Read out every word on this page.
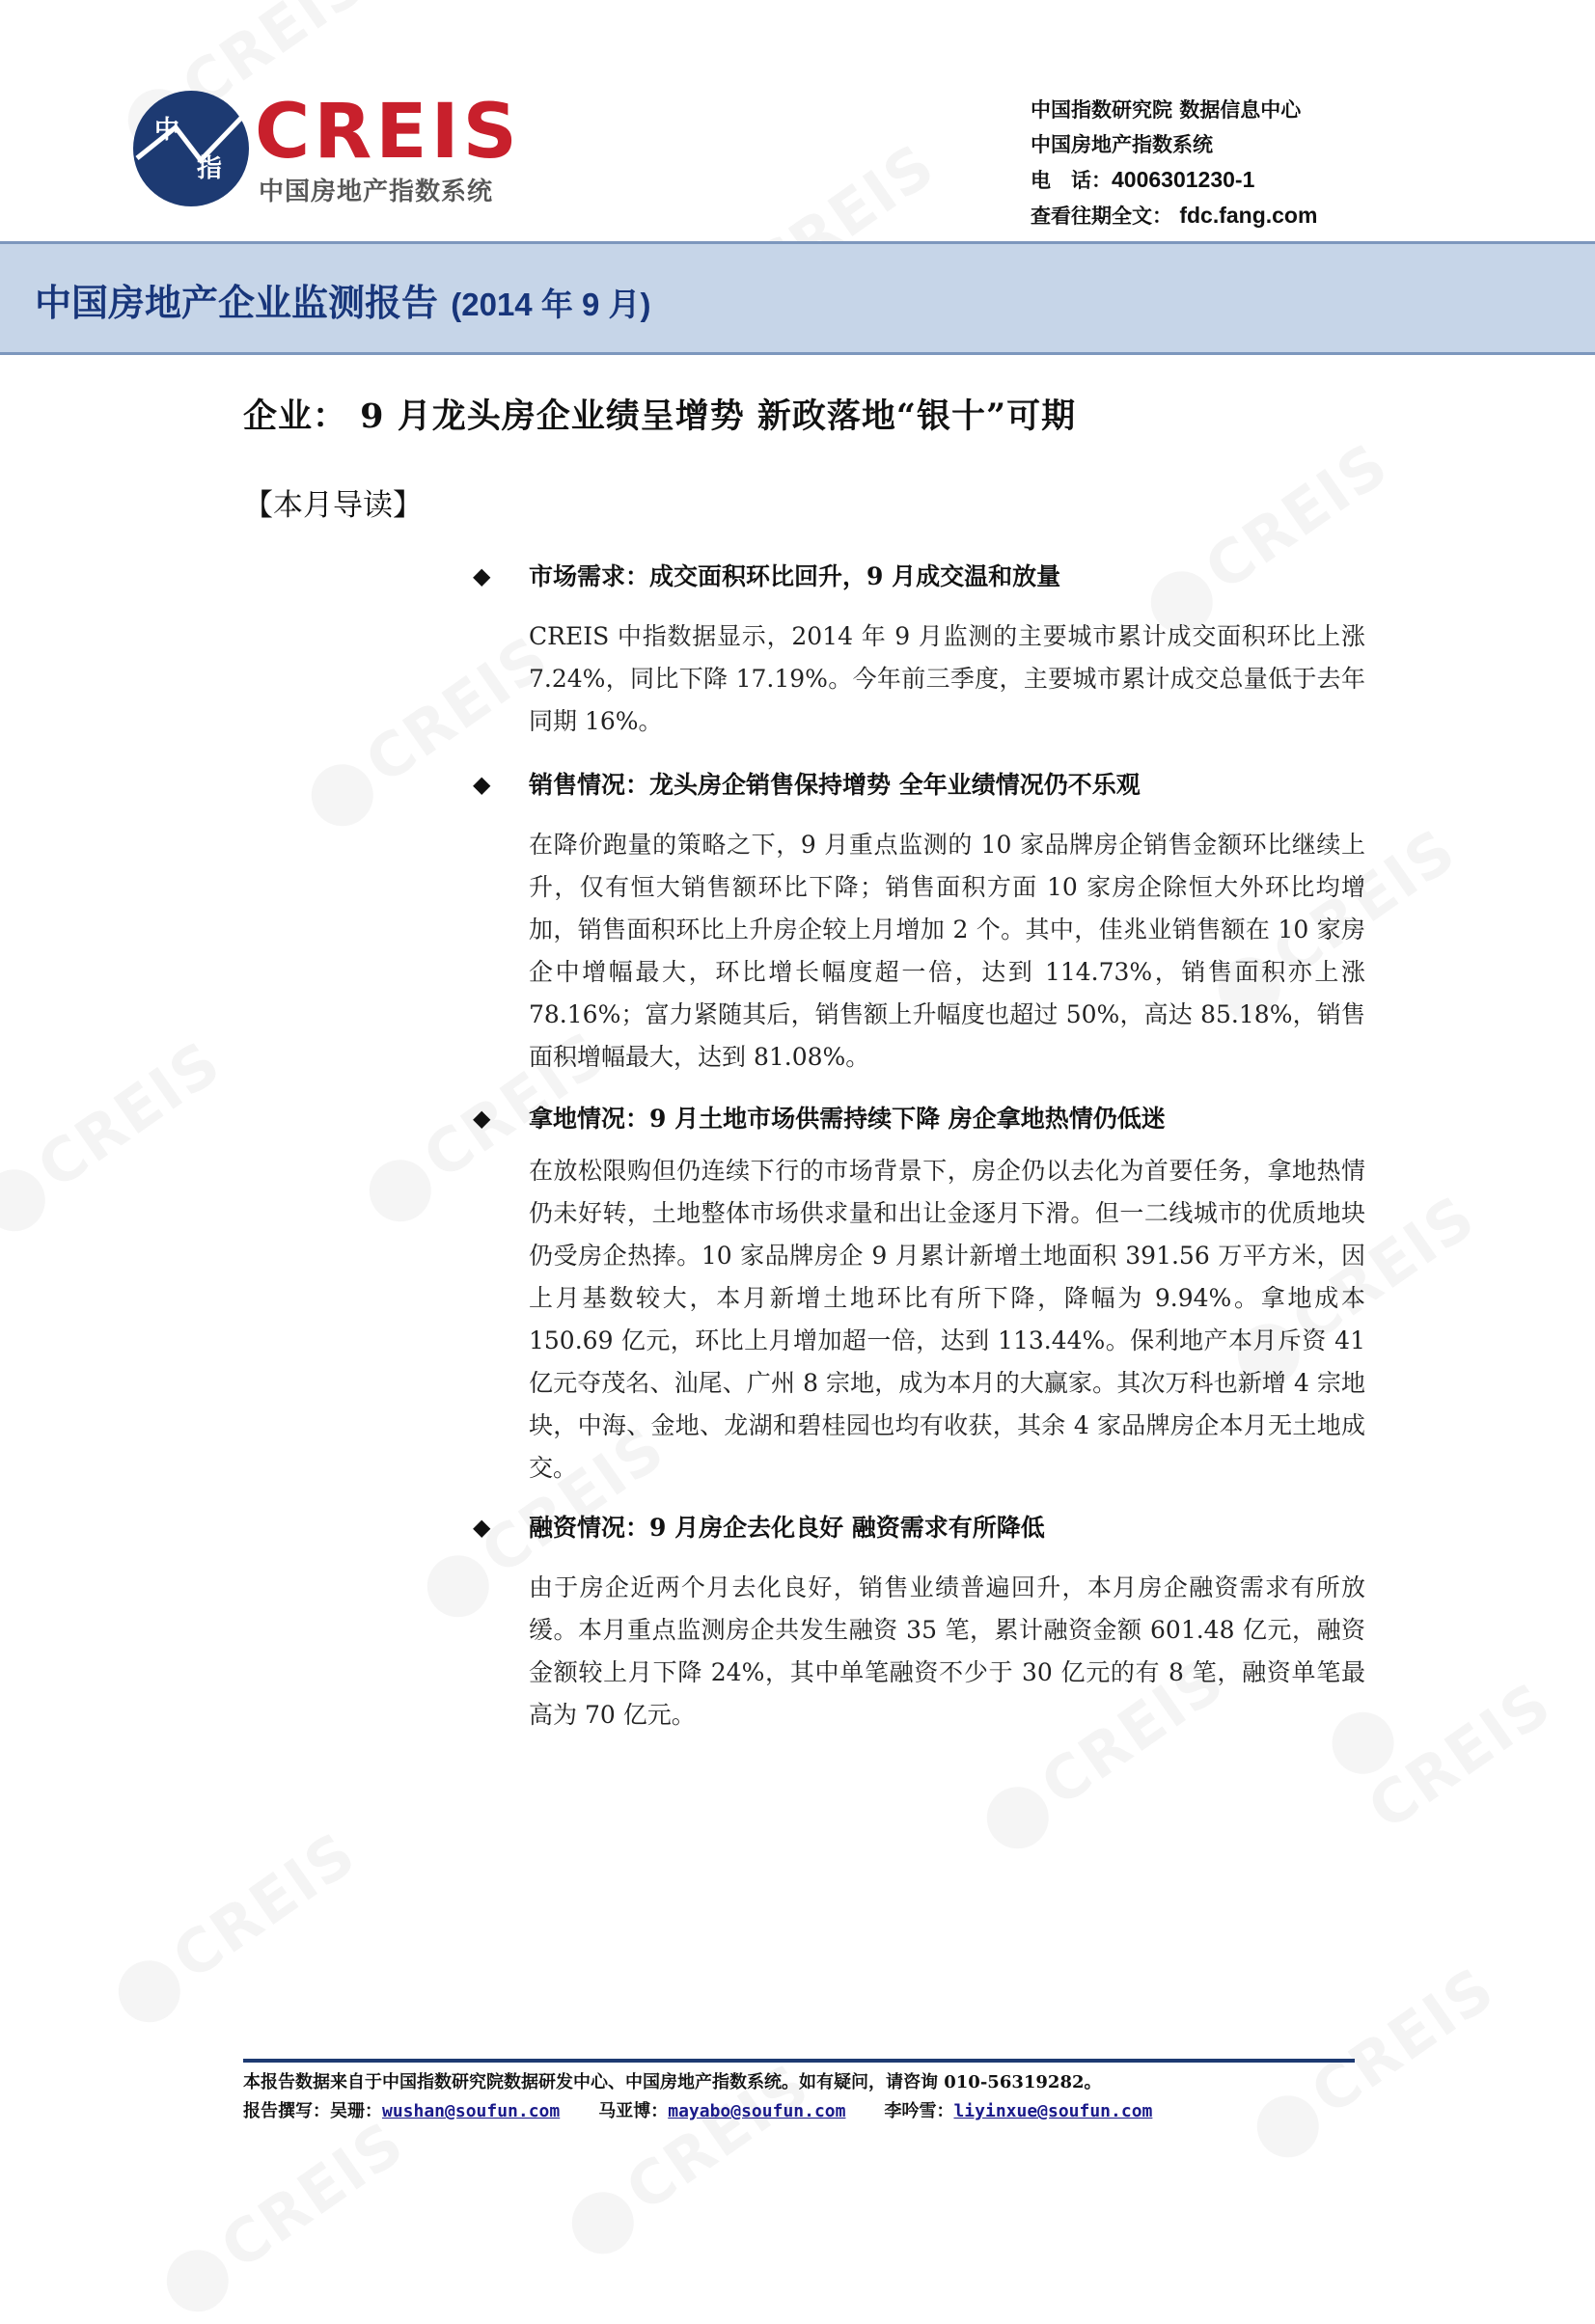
中
指 CREIS
中国房地产指数系统
中国指数研究院 数据信息中心
中国房地产指数系统
电　话：4006301230-1
查看往期全文： fdc.fang.com
中国房地产企业监测报告 (2014 年 9 月)
企业： 9 月龙头房企业绩呈增势 新政落地“银十”可期
【本月导读】
◆	市场需求：成交面积环比回升，9 月成交温和放量
CREIS 中指数据显示，2014 年 9 月监测的主要城市累计成交面积环比上涨 7.24%，同比下降 17.19%。今年前三季度，主要城市累计成交总量低于去年同期 16%。
◆	销售情况：龙头房企销售保持增势 全年业绩情况仍不乐观
在降价跑量的策略之下，9 月重点监测的 10 家品牌房企销售金额环比继续上升，仅有恒大销售额环比下降；销售面积方面 10 家房企除恒大外环比均增加，销售面积环比上升房企较上月增加 2 个。其中，佳兆业销售额在 10 家房企中增幅最大，环比增长幅度超一倍，达到 114.73%，销售面积亦上涨 78.16%；富力紧随其后，销售额上升幅度也超过 50%，高达 85.18%，销售面积增幅最大，达到 81.08%。
◆	拿地情况：9 月土地市场供需持续下降 房企拿地热情仍低迷
在放松限购但仍连续下行的市场背景下，房企仍以去化为首要任务，拿地热情仍未好转，土地整体市场供求量和出让金逐月下滑。但一二线城市的优质地块仍受房企热捧。10 家品牌房企 9 月累计新增土地面积 391.56 万平方米，因上月基数较大，本月新增土地环比有所下降，降幅为 9.94%。拿地成本 150.69 亿元，环比上月增加超一倍，达到 113.44%。保利地产本月斥资 41 亿元夺茂名、汕尾、广州 8 宗地，成为本月的大赢家。其次万科也新增 4 宗地块，中海、金地、龙湖和碧桂园也均有收获，其余 4 家品牌房企本月无土地成交。
◆	融资情况：9 月房企去化良好 融资需求有所降低
由于房企近两个月去化良好，销售业绩普遍回升，本月房企融资需求有所放缓。本月重点监测房企共发生融资 35 笔，累计融资金额 601.48 亿元，融资金额较上月下降 24%，其中单笔融资不少于 30 亿元的有 8 笔，融资单笔最高为 70 亿元。
本报告数据来自于中国指数研究院数据研发中心、中国房地产指数系统。如有疑问，请咨询 010-56319282。
报告撰写：吴珊：wushan@soufun.com 马亚博：mayabo@soufun.com 李吟雪：liyinxue@soufun.com
